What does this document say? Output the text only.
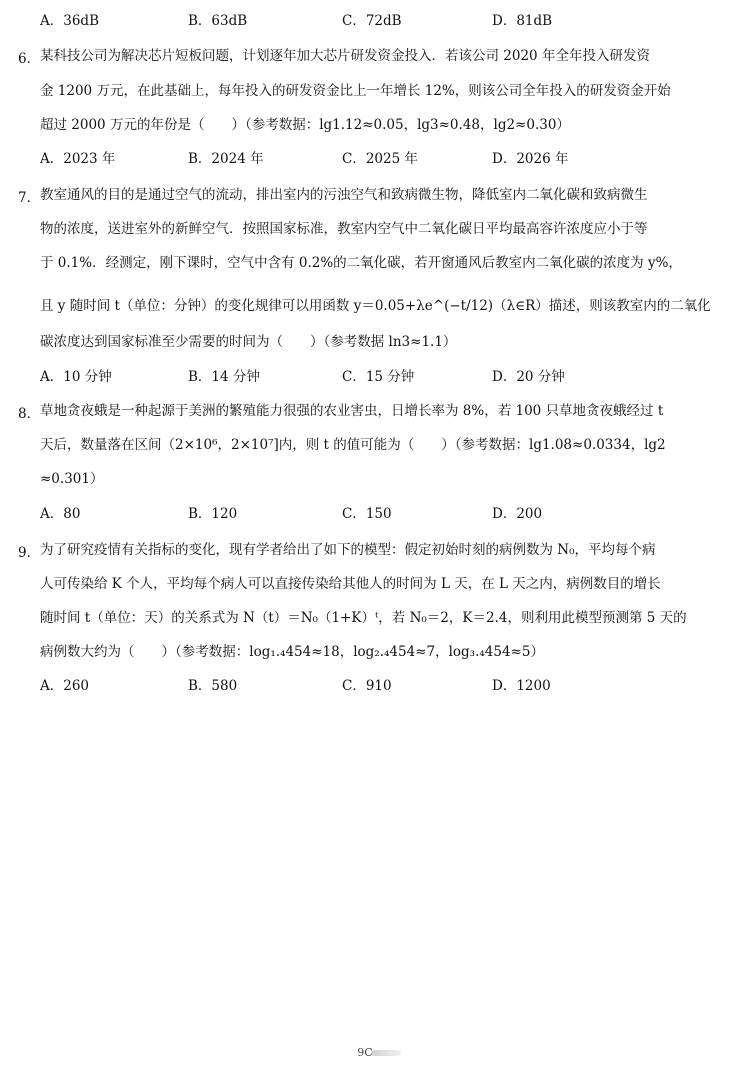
A．36dB	B．63dB	C．72dB	D．81dB
6． 某科技公司为解决芯片短板问题，计划逐年加大芯片研发资金投入．若该公司 2020 年全年投入研发资
金 1200 万元，在此基础上，每年投入的研发资金比上一年增长 12%，则该公司全年投入的研发资金开始
超过 2000 万元的年份是（　　）（参考数据：lg1.12≈0.05，lg3≈0.48，lg2≈0.30）
A．2023 年	B．2024 年	C．2025 年	D．2026 年
7． 教室通风的目的是通过空气的流动，排出室内的污浊空气和致病微生物，降低室内二氧化碳和致病微生
物的浓度，送进室外的新鲜空气．按照国家标准，教室内空气中二氧化碳日平均最高容许浓度应小于等
于 0.1%．经测定，刚下课时，空气中含有 0.2%的二氧化碳，若开窗通风后教室内二氧化碳的浓度为 y%，
且 y 随时间 t（单位：分钟）的变化规律可以用函数 y＝0.05+λe^(−t/12)（λ∈R）描述，则该教室内的二氧化
碳浓度达到国家标准至少需要的时间为（　　）（参考数据 ln3≈1.1）
A．10 分钟	B．14 分钟	C．15 分钟	D．20 分钟
8． 草地贪夜蛾是一种起源于美洲的繁殖能力很强的农业害虫，日增长率为 8%，若 100 只草地贪夜蛾经过 t
天后，数量落在区间（2×10⁶，2×10⁷]内，则 t 的值可能为（　　）（参考数据：lg1.08≈0.0334，lg2
≈0.301）
A．80	B．120	C．150	D．200
9． 为了研究疫情有关指标的变化，现有学者给出了如下的模型：假定初始时刻的病例数为 N₀，平均每个病
人可传染给 K 个人，平均每个病人可以直接传染给其他人的时间为 L 天，在 L 天之内，病例数目的增长
随时间 t（单位：天）的关系式为 N（t）＝N₀（1+K）ᵗ，若 N₀＝2，K＝2.4，则利用此模型预测第 5 天的
病例数大约为（　　）（参考数据：log₁.₄454≈18，log₂.₄454≈7，log₃.₄454≈5）
A．260	B．580	C．910	D．1200
9C
